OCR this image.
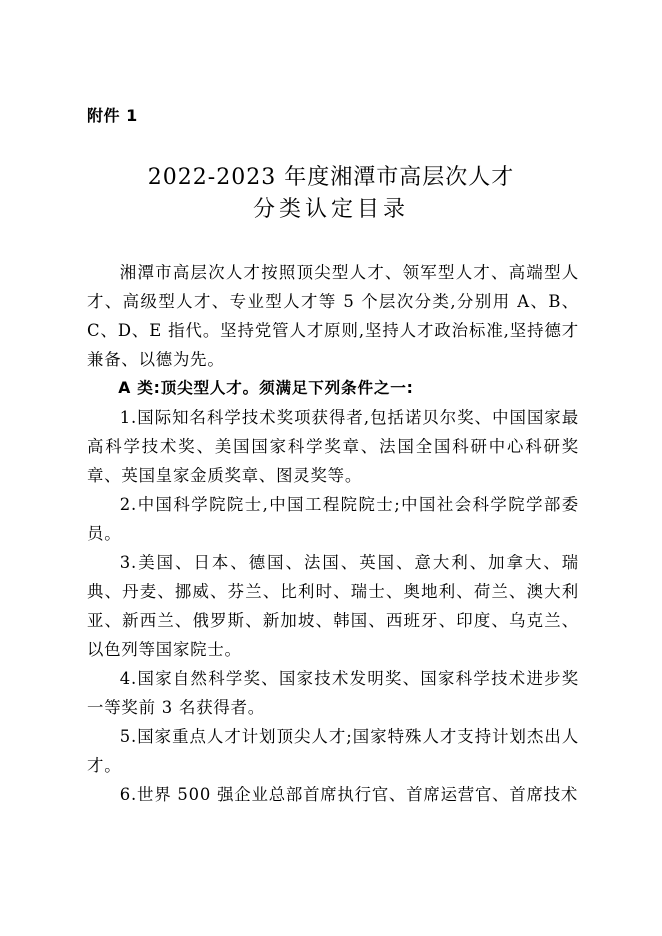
附件 1
2022-2023 年度湘潭市高层次人才
分类认定目录

湘潭市高层次人才按照顶尖型人才、领军型人才、高端型人才、高级型人才、专业型人才等 5 个层次分类,分别用 A、B、C、D、E 指代。坚持党管人才原则,坚持人才政治标准,坚持德才兼备、以德为先。

A 类:顶尖型人才。须满足下列条件之一:

1.国际知名科学技术奖项获得者,包括诺贝尔奖、中国国家最高科学技术奖、美国国家科学奖章、法国全国科研中心科研奖章、英国皇家金质奖章、图灵奖等。

2.中国科学院院士,中国工程院院士;中国社会科学院学部委员。

3.美国、日本、德国、法国、英国、意大利、加拿大、瑞典、丹麦、挪威、芬兰、比利时、瑞士、奥地利、荷兰、澳大利亚、新西兰、俄罗斯、新加坡、韩国、西班牙、印度、乌克兰、以色列等国家院士。

4.国家自然科学奖、国家技术发明奖、国家科学技术进步奖一等奖前 3 名获得者。

5.国家重点人才计划顶尖人才;国家特殊人才支持计划杰出人才。

6.世界 500 强企业总部首席执行官、首席运营官、首席技术
